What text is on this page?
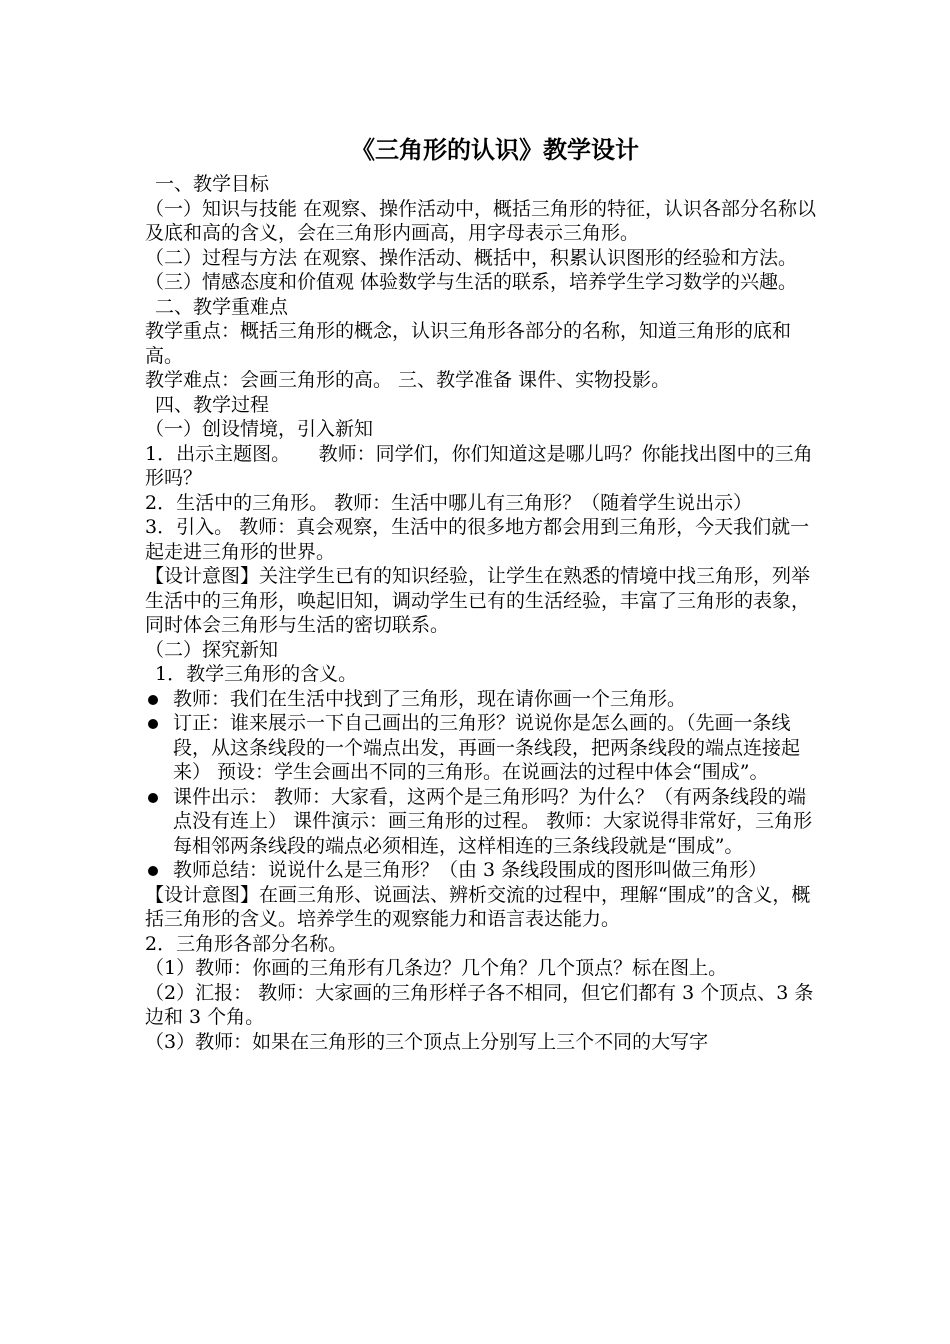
《三角形的认识》教学设计

一、教学目标

（一）知识与技能 在观察、操作活动中，概括三角形的特征，认识各部分名称以及底和高的含义，会在三角形内画高，用字母表示三角形。

（二）过程与方法 在观察、操作活动、概括中，积累认识图形的经验和方法。

（三）情感态度和价值观 体验数学与生活的联系，培养学生学习数学的兴趣。

二、教学重难点

教学重点：概括三角形的概念，认识三角形各部分的名称，知道三角形的底和高。

教学难点：会画三角形的高。 三、教学准备 课件、实物投影。

四、教学过程

（一）创设情境，引入新知

1．出示主题图。　　教师：同学们，你们知道这是哪儿吗？你能找出图中的三角形吗？

2．生活中的三角形。 教师：生活中哪儿有三角形？（随着学生说出示）

3．引入。 教师：真会观察，生活中的很多地方都会用到三角形，今天我们就一起走进三角形的世界。

【设计意图】关注学生已有的知识经验，让学生在熟悉的情境中找三角形，列举生活中的三角形，唤起旧知，调动学生已有的生活经验，丰富了三角形的表象，同时体会三角形与生活的密切联系。

（二）探究新知

1．教学三角形的含义。

教师：我们在生活中找到了三角形，现在请你画一个三角形。
订正：谁来展示一下自己画出的三角形？说说你是怎么画的。（先画一条线段，从这条线段的一个端点出发，再画一条线段，把两条线段的端点连接起来） 预设：学生会画出不同的三角形。在说画法的过程中体会“围成”。
课件出示： 教师：大家看，这两个是三角形吗？为什么？（有两条线段的端点没有连上） 课件演示：画三角形的过程。 教师：大家说得非常好，三角形每相邻两条线段的端点必须相连，这样相连的三条线段就是“围成”。
教师总结：说说什么是三角形？（由 3 条线段围成的图形叫做三角形）

【设计意图】在画三角形、说画法、辨析交流的过程中，理解“围成”的含义，概括三角形的含义。培养学生的观察能力和语言表达能力。

2．三角形各部分名称。

（1）教师：你画的三角形有几条边？几个角？几个顶点？标在图上。

（2）汇报： 教师：大家画的三角形样子各不相同，但它们都有 3 个顶点、3 条边和 3 个角。

（3）教师：如果在三角形的三个顶点上分别写上三个不同的大写字
